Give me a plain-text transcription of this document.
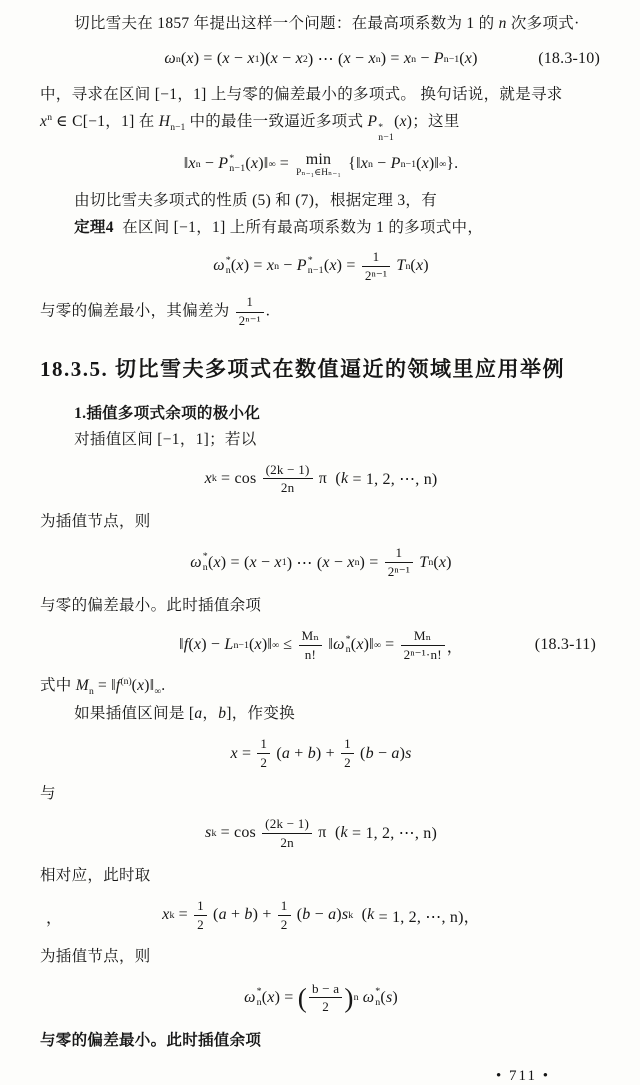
切比雪夫在 1857 年提出这样一个问题：在最高项系数为 1 的 n 次多项式·

ω n ( x ) = ( x − x 1 )( x − x 2 ) ⋯ ( x − x n ) = x n − P n−1 ( x )	(18.3-10)

中，寻求在区间 [−1，1] 上与零的偏差最小的多项式。 换句话说，就是寻求

$x^n$ ∈ C[−1，1] 在 $H_{n-1}$ 中的最佳一致逼近多项式 P *
n−1
(x)；这里

‖ x n − P *
n−1 ( x )‖ ∞ = min
Pₙ₋₁∈Hₙ₋₁
{‖ x n − P n−1 ( x )‖ ∞ }.

由切比雪夫多项式的性质 (5) 和 (7)，根据定理 3，有

定理4  在区间 [−1，1] 上所有最高项系数为 1 的多项式中，

ω *
n ( x ) = x n − P *
n−1 ( x ) = $\frac{1}{\text{2ⁿ⁻¹}}$
T n ( x )

与零的偏差最小，其偏差为 $\frac{1}{\text{2ⁿ⁻¹}}$ .

18.3.5. 切比雪夫多项式在数值逼近的领域里应用举例

1.插值多项式余项的极小化

对插值区间 [−1，1]；若以

x $k = \cos \frac{(2k - 1)}{2n}$ π  ( k = 1, 2, ⋯, n)

为插值节点，则

ω *
n ( x ) = ( x − x 1 ) ⋯ ( x − x n ) = $\frac{1}{\text{2ⁿ⁻¹}}$
T n ( x )

与零的偏差最小。此时插值余项

‖ f ( x ) − L n−1 ( x )‖ ∞ ≤ $\frac{\text{Mₙ}}{n!}$ ‖ ω *
n ( x )‖ ∞ = $\frac{\text{Mₙ}}{\text{2ⁿ⁻¹·n!}}$ ，	(18.3-11)

式中 $M_n$ = $‖f^{(n)}(x)‖_\infty$.

如果插值区间是 [a，b]，作变换

$x = \frac{1}{2}$ ( a + b ) + $\frac{1}{2}$ ( b − a ) s

与

s $k = \cos \frac{(2k - 1)}{2n}$ π  ( k = 1, 2, ⋯, n)

相对应，此时取

，	x $k = \frac{1}{2}$ ( a + b ) + $\frac{1}{2}$ ( b − a ) s k ( k = 1, 2, ⋯, n)，

为插值节点，则

ω *
n ( x ) = ( $\frac{b - a}{2}$ ) n
ω *
n ( s )

与零的偏差最小。此时插值余项

• 711 •
